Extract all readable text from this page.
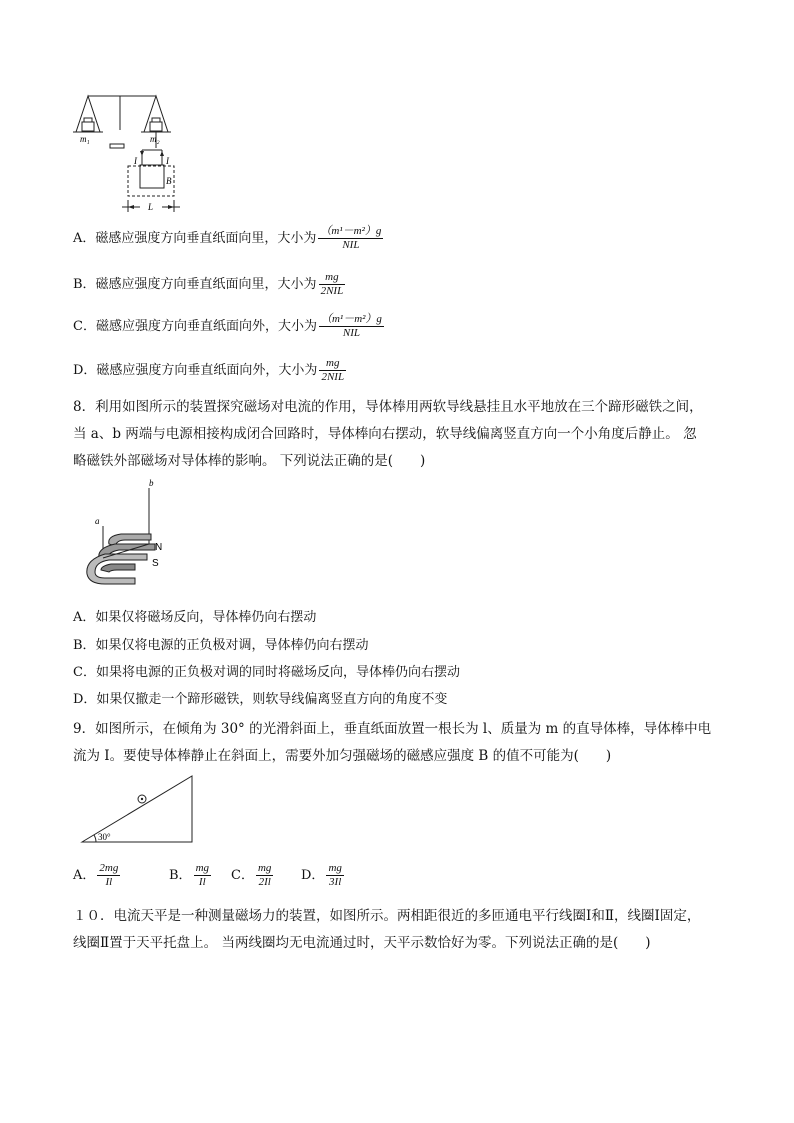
m₁	m₂
I	I
B
L
A．磁感应强度方向垂直纸面向里，大小为 $\frac{\text{（m¹－m²）g}}{\text{NIL}}$
B．磁感应强度方向垂直纸面向里，大小为 $\frac{mg}{\text{2NIL}}$
C．磁感应强度方向垂直纸面向外，大小为 $\frac{\text{（m¹－m²）g}}{\text{NIL}}$
D．磁感应强度方向垂直纸面向外，大小为 $\frac{mg}{\text{2NIL}}$
8．利用如图所示的装置探究磁场对电流的作用，导体棒用两软导线悬挂且水平地放在三个蹄形磁铁之间，
当 a、b 两端与电源相接构成闭合回路时，导体棒向右摆动，软导线偏离竖直方向一个小角度后静止。 忽
略磁铁外部磁场对导体棒的影响。 下列说法正确的是(　　)
b
a
N
S
A．如果仅将磁场反向，导体棒仍向右摆动
B．如果仅将电源的正负极对调，导体棒仍向右摆动
C．如果将电源的正负极对调的同时将磁场反向，导体棒仍向右摆动
D．如果仅撤走一个蹄形磁铁，则软导线偏离竖直方向的角度不变
9．如图所示，在倾角为 30° 的光滑斜面上，垂直纸面放置一根长为 l、质量为 m 的直导体棒，导体棒中电
流为 I。要使导体棒静止在斜面上，需要外加匀强磁场的磁感应强度 B 的值不可能为(　　)
30°
A． $\frac{2mg}{Il}$	B． $\frac{mg}{Il}$ C． $\frac{mg}{2Il}$ D． $\frac{mg}{3Il}$
１０．电流天平是一种测量磁场力的装置，如图所示。两相距很近的多匝通电平行线圈Ⅰ和Ⅱ，线圈Ⅰ固定，
线圈Ⅱ置于天平托盘上。 当两线圈均无电流通过时，天平示数恰好为零。下列说法正确的是(　　)
